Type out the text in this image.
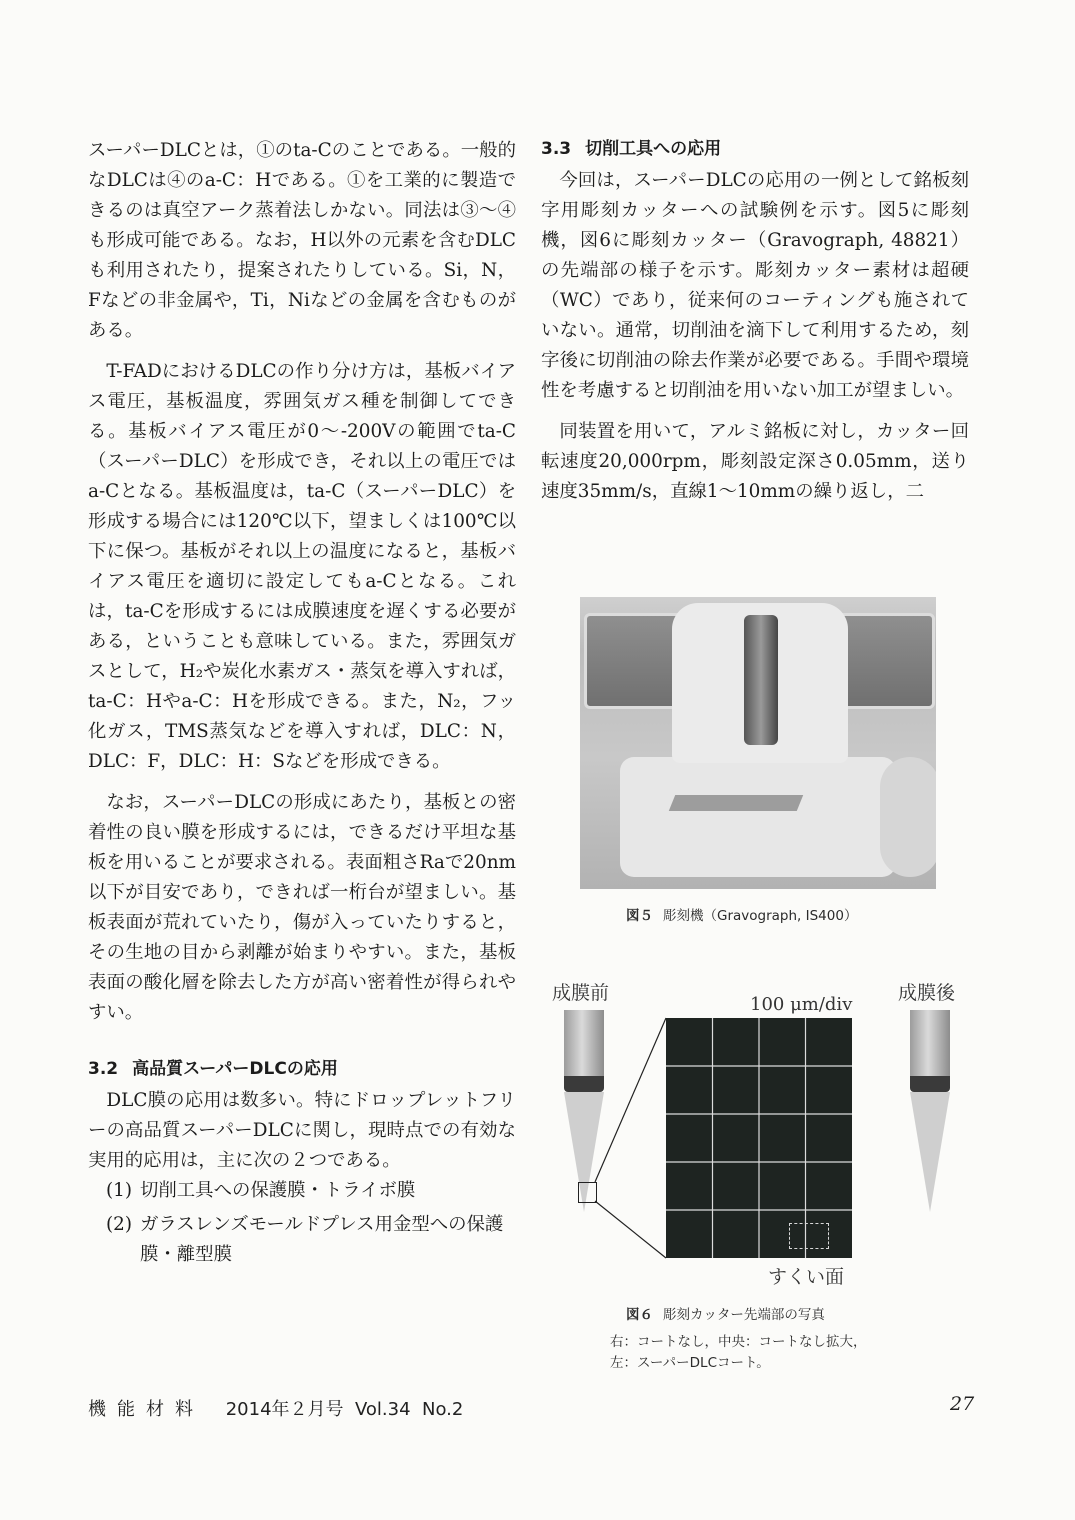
スーパーDLCとは，①のta-Cのことである。一般的なDLCは④のa-C：Hである。①を工業的に製造できるのは真空アーク蒸着法しかない。同法は③～④も形成可能である。なお，H以外の元素を含むDLCも利用されたり，提案されたりしている。Si，N，Fなどの非金属や，Ti，Niなどの金属を含むものがある。

T-FADにおけるDLCの作り分け方は，基板バイアス電圧，基板温度，雰囲気ガス種を制御してできる。基板バイアス電圧が0～-200Vの範囲でta-C（スーパーDLC）を形成でき，それ以上の電圧ではa-Cとなる。基板温度は，ta-C（スーパーDLC）を形成する場合には120℃以下，望ましくは100℃以下に保つ。基板がそれ以上の温度になると，基板バイアス電圧を適切に設定してもa-Cとなる。これは，ta-Cを形成するには成膜速度を遅くする必要がある，ということも意味している。また，雰囲気ガスとして，H₂や炭化水素ガス・蒸気を導入すれば，ta-C：Hやa-C：Hを形成できる。また，N₂，フッ化ガス，TMS蒸気などを導入すれば，DLC：N，DLC：F，DLC：H：Sなどを形成できる。

なお，スーパーDLCの形成にあたり，基板との密着性の良い膜を形成するには，できるだけ平坦な基板を用いることが要求される。表面粗さRaで20nm以下が目安であり，できれば一桁台が望ましい。基板表面が荒れていたり，傷が入っていたりすると，その生地の目から剥離が始まりやすい。また，基板表面の酸化層を除去した方が高い密着性が得られやすい。

3.2 高品質スーパーDLCの応用

DLC膜の応用は数多い。特にドロップレットフリーの高品質スーパーDLCに関し，現時点での有効な実用的応用は，主に次の２つである。

(1) 切削工具への保護膜・トライボ膜
(2) ガラスレンズモールドプレス用金型への保護膜・離型膜
3.3 切削工具への応用

今回は，スーパーDLCの応用の一例として銘板刻字用彫刻カッターへの試験例を示す。図5に彫刻機，図6に彫刻カッター（Gravograph, 48821）の先端部の様子を示す。彫刻カッター素材は超硬（WC）であり，従来何のコーティングも施されていない。通常，切削油を滴下して利用するため，刻字後に切削油の除去作業が必要である。手間や環境性を考慮すると切削油を用いない加工が望ましい。

同装置を用いて，アルミ銘板に対し，カッター回転速度20,000rpm，彫刻設定深さ0.05mm，送り速度35mm/s，直線1～10mmの繰り返し，二

図５ 彫刻機（Gravograph, IS400）
成膜前	成膜後
100 μm/div
すくい面
図６ 彫刻カッター先端部の写真
右：コートなし，中央：コートなし拡大，
左：スーパーDLCコート。
機能材料 2014年２月号 Vol.34 No.2	27
